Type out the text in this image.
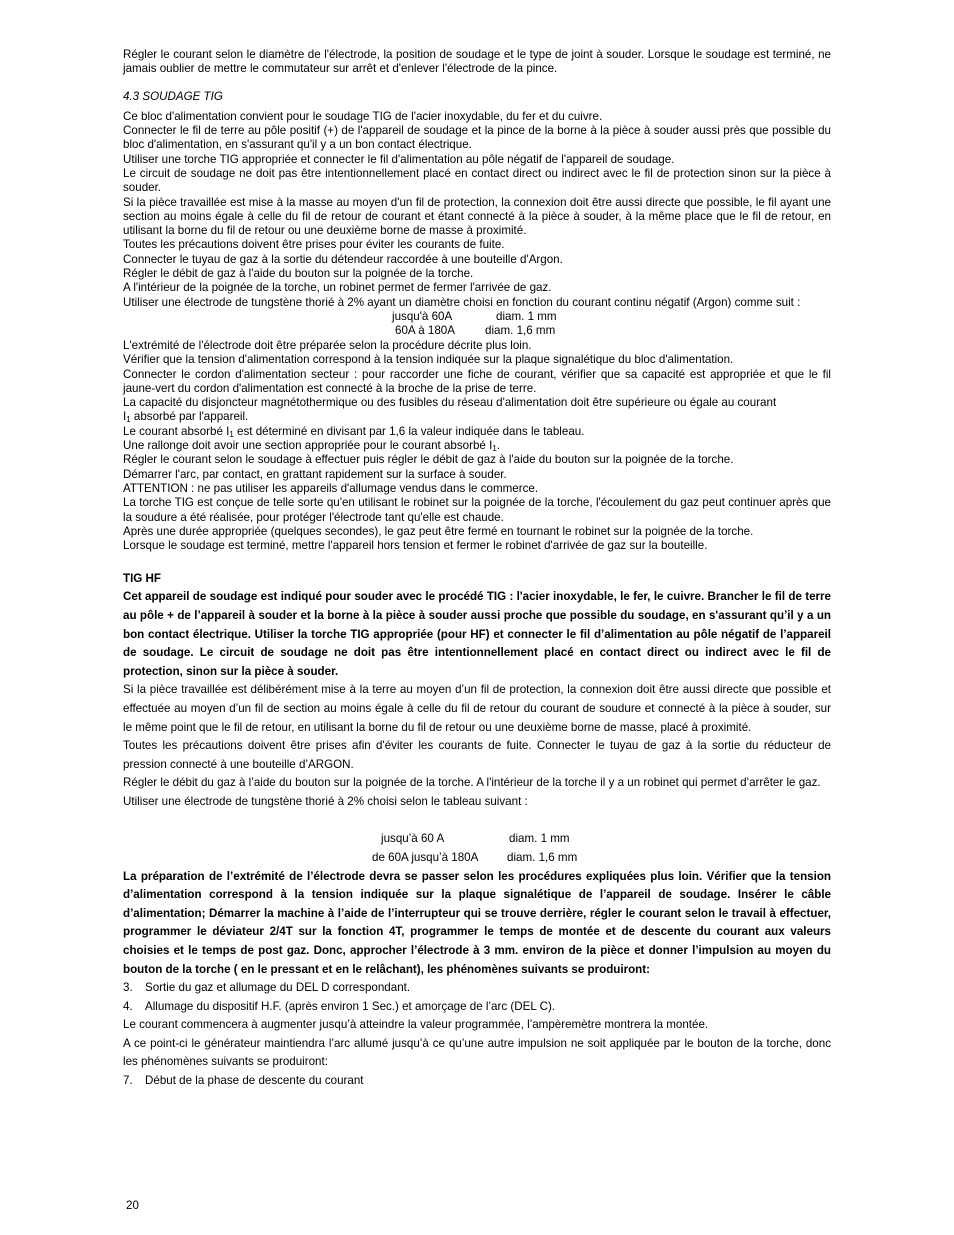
Régler le courant selon le diamètre de l'électrode, la position de soudage et le type de joint à souder. Lorsque le soudage est terminé, ne jamais oublier de mettre le commutateur sur arrêt et d'enlever l'électrode de la pince.

4.3 SOUDAGE TIG

Ce bloc d'alimentation convient pour le soudage TIG de l'acier inoxydable, du fer et du cuivre.

Connecter le fil de terre au pôle positif (+) de l'appareil de soudage et la pince de la borne à la pièce à souder aussi près que possible du bloc d'alimentation, en s'assurant qu'il y a un bon contact électrique.

Utiliser une torche TIG appropriée et connecter le fil d'alimentation au pôle négatif de l'appareil de soudage.

Le circuit de soudage ne doit pas être intentionnellement placé en contact direct ou indirect avec le fil de protection sinon sur la pièce à souder.

Si la pièce travaillée est mise à la masse au moyen d'un fil de protection, la connexion doit être aussi directe que possible, le fil ayant une section au moins égale à celle du fil de retour de courant et étant connecté à la pièce à souder, à la même place que le fil de retour, en utilisant la borne du fil de retour ou une deuxième borne de masse à proximité.

Toutes les précautions doivent être prises pour éviter les courants de fuite.

Connecter le tuyau de gaz à la sortie du détendeur raccordée à une bouteille d'Argon.

Régler le débit de gaz à l'aide du bouton sur la poignée de la torche.

A l'intérieur de la poignée de la torche, un robinet permet de fermer l'arrivée de gaz.

Utiliser une électrode de tungstène thorié à 2% ayant un diamètre choisi en fonction du courant continu négatif (Argon) comme suit :

jusqu'à 60A	diam. 1 mm
60A à 180A	diam. 1,6 mm

L'extrémité de l'électrode doit être préparée selon la procédure décrite plus loin.

Vérifier que la tension d'alimentation correspond à la tension indiquée sur la plaque signalétique du bloc d'alimentation.

Connecter le cordon d'alimentation secteur : pour raccorder une fiche de courant, vérifier que sa capacité est appropriée et que le fil jaune-vert du cordon d'alimentation est connecté à la broche de la prise de terre.

La capacité du disjoncteur magnétothermique ou des fusibles du réseau d'alimentation doit être supérieure ou égale au courant
$I_1$ absorbé par l'appareil.

Le courant absorbé $I_1$ est déterminé en divisant par 1,6 la valeur indiquée dans le tableau.

Une rallonge doit avoir une section appropriée pour le courant absorbé $I_1$.

Régler le courant selon le soudage à effectuer puis régler le débit de gaz à l'aide du bouton sur la poignée de la torche.

Démarrer l'arc, par contact, en grattant rapidement sur la surface à souder.

ATTENTION : ne pas utiliser les appareils d'allumage vendus dans le commerce.

La torche TIG est conçue de telle sorte qu'en utilisant le robinet sur la poignée de la torche, l'écoulement du gaz peut continuer après que la soudure a été réalisée, pour protéger l'électrode tant qu'elle est chaude.

Après une durée appropriée (quelques secondes), le gaz peut être fermé en tournant le robinet sur la poignée de la torche.

Lorsque le soudage est terminé, mettre l'appareil hors tension et fermer le robinet d'arrivée de gaz sur la bouteille.

TIG HF

Cet appareil de soudage est indiqué pour souder avec le procédé TIG : l'acier inoxydable, le fer, le cuivre. Brancher le fil de terre au pôle + de l’appareil à souder et la borne à la pièce à souder aussi proche que possible du soudage, en s'assurant qu’il y a un bon contact électrique. Utiliser la torche TIG appropriée (pour HF) et connecter le fil d’alimentation au pôle négatif de l’appareil de soudage. Le circuit de soudage ne doit pas être intentionnellement placé en contact direct ou indirect avec le fil de protection, sinon sur la pièce à souder.

Si la pièce travaillée est délibérément mise à la terre au moyen d’un fil de protection, la connexion doit être aussi directe que possible et effectuée au moyen d’un fil de section au moins égale à celle du fil de retour du courant de soudure et connecté à la pièce à souder, sur le même point que le fil de retour, en utilisant la borne du fil de retour ou une deuxième borne de masse, placé à proximité.

Toutes les précautions doivent être prises afin d'éviter les courants de fuite. Connecter le tuyau de gaz à la sortie du réducteur de pression connecté à une bouteille d’ARGON.

Régler le débit du gaz à l’aide du bouton sur la poignée de la torche. A l'intérieur de la torche il y a un robinet qui permet d’arrêter le gaz.

Utiliser une électrode de tungstène thorié à 2% choisi selon le tableau suivant :

jusqu’à 60 A	diam. 1 mm
de 60A jusqu’à 180A diam. 1,6 mm

La préparation de l’extrémité de l’électrode devra se passer selon les procédures expliquées plus loin. Vérifier que la tension d’alimentation correspond à la tension indiquée sur la plaque signalétique de l’appareil de soudage. Insérer le câble d’alimentation; Démarrer la machine à l’aide de l’interrupteur qui se trouve derrière, régler le courant selon le travail à effectuer, programmer le déviateur 2/4T sur la fonction 4T, programmer le temps de montée et de descente du courant aux valeurs choisies et le temps de post gaz. Donc, approcher l’électrode à 3 mm. environ de la pièce et donner l’impulsion au moyen du bouton de la torche ( en le pressant et en le relâchant), les phénomènes suivants se produiront:

3.	Sortie du gaz et allumage du DEL D correspondant.
4.	Allumage du dispositif H.F. (après environ 1 Sec.) et amorçage de l’arc (DEL C).

Le courant commencera à augmenter jusqu’à atteindre la valeur programmée, l’ampèremètre montrera la montée.

A ce point-ci le générateur maintiendra l’arc allumé jusqu’à ce qu’une autre impulsion ne soit appliquée par le bouton de la torche, donc les phénomènes suivants se produiront:

7.	Début de la phase de descente du courant
20
